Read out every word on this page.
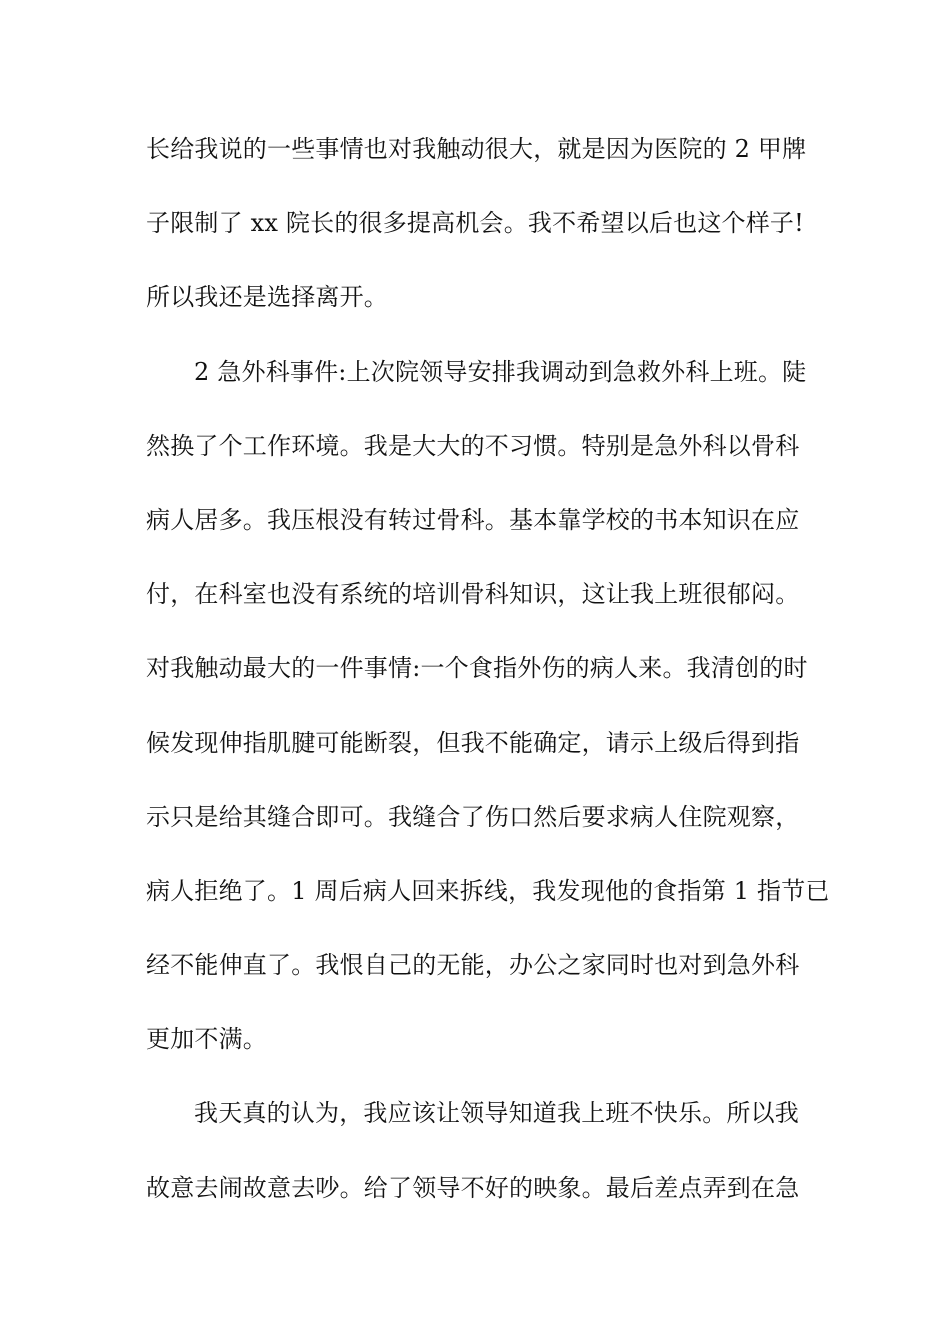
长给我说的一些事情也对我触动很大，就是因为医院的 2 甲牌
子限制了 xx 院长的很多提高机会。我不希望以后也这个样子!
所以我还是选择离开。
2 急外科事件:上次院领导安排我调动到急救外科上班。陡
然换了个工作环境。我是大大的不习惯。特别是急外科以骨科
病人居多。我压根没有转过骨科。基本靠学校的书本知识在应
付，在科室也没有系统的培训骨科知识，这让我上班很郁闷。
对我触动最大的一件事情:一个食指外伤的病人来。我清创的时
候发现伸指肌腱可能断裂，但我不能确定，请示上级后得到指
示只是给其缝合即可。我缝合了伤口然后要求病人住院观察，
病人拒绝了。1 周后病人回来拆线，我发现他的食指第 1 指节已
经不能伸直了。我恨自己的无能，办公之家同时也对到急外科
更加不满。
我天真的认为，我应该让领导知道我上班不快乐。所以我
故意去闹故意去吵。给了领导不好的映象。最后差点弄到在急
